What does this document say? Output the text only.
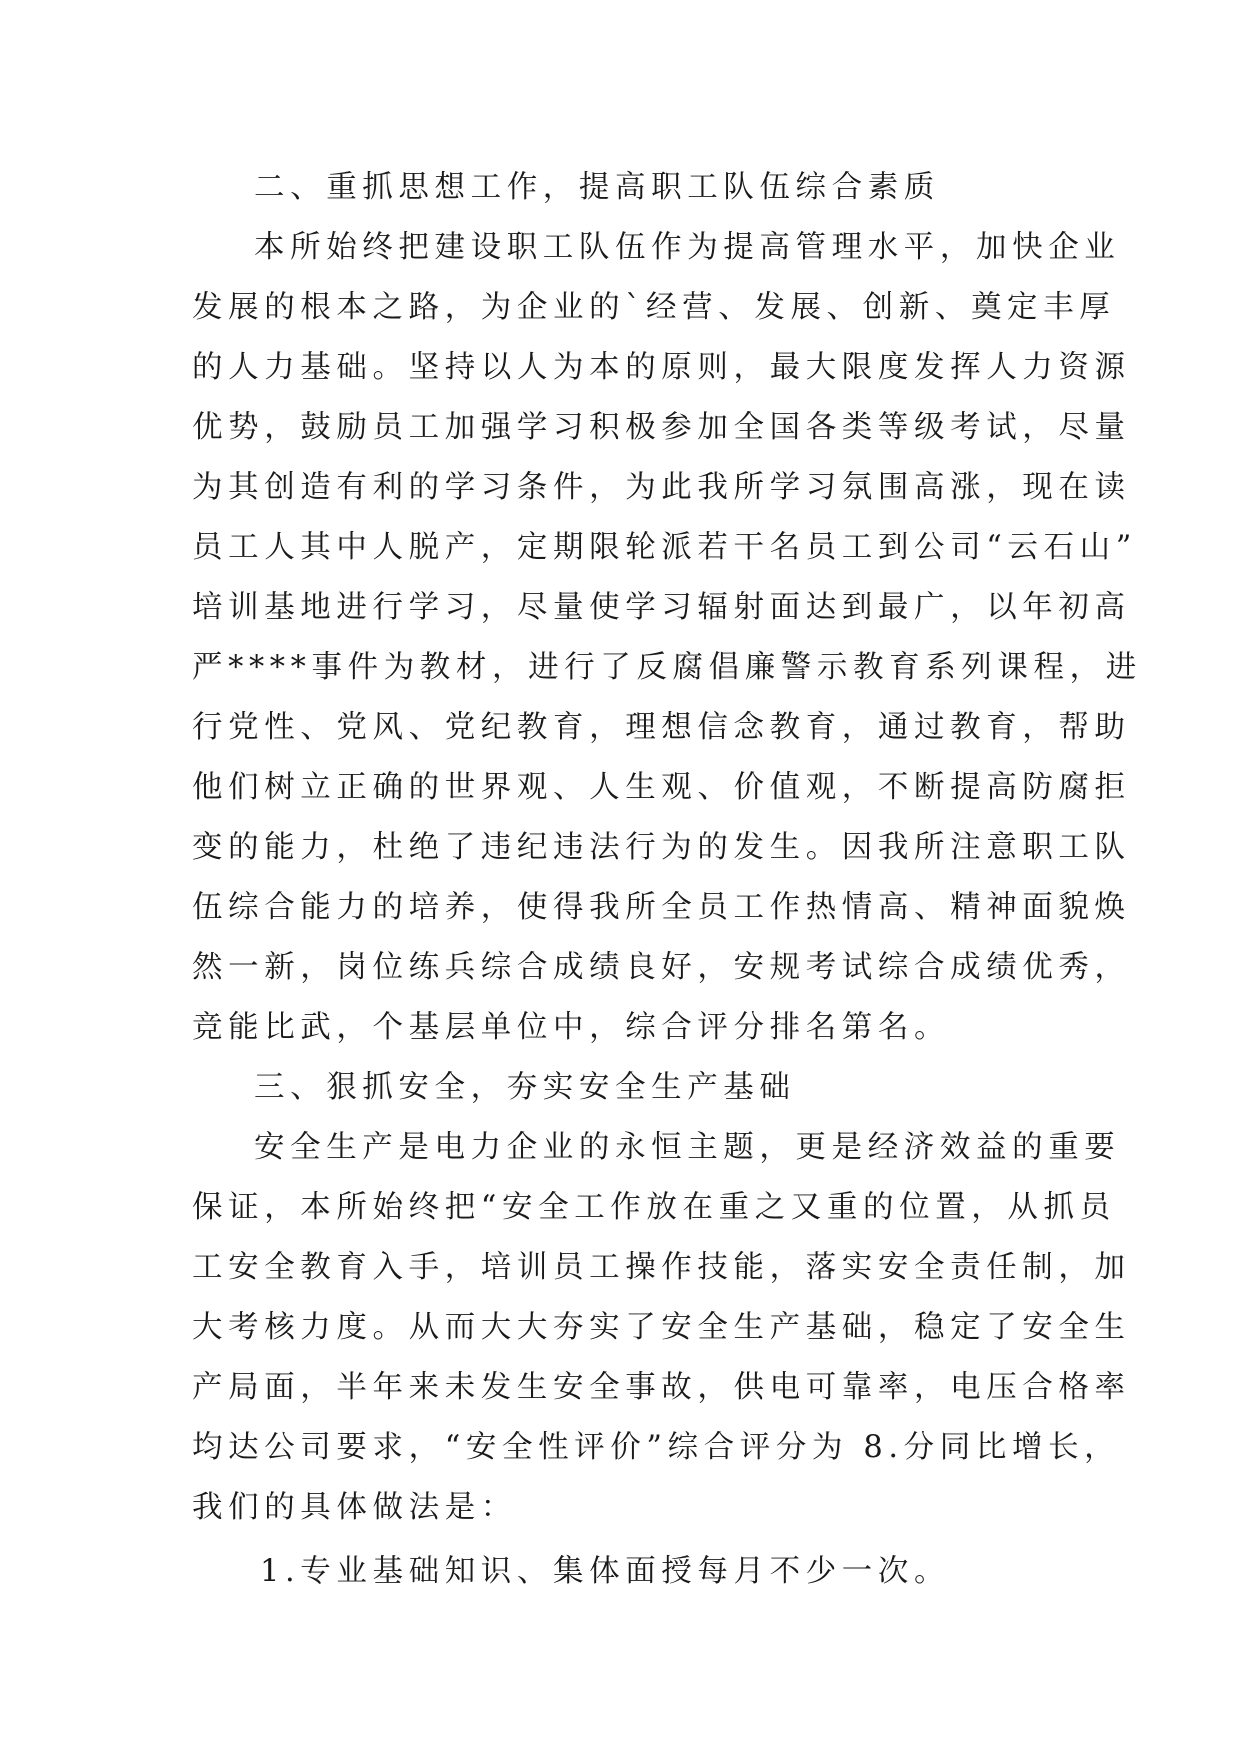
二、重抓思想工作，提高职工队伍综合素质
本所始终把建设职工队伍作为提高管理水平，加快企业
发展的根本之路，为企业的`经营、发展、创新、奠定丰厚
的人力基础。坚持以人为本的原则，最大限度发挥人力资源
优势，鼓励员工加强学习积极参加全国各类等级考试，尽量
为其创造有利的学习条件，为此我所学习氛围高涨，现在读
员工人其中人脱产，定期限轮派若干名员工到公司“云石山”
培训基地进行学习，尽量使学习辐射面达到最广，以年初高
严****事件为教材，进行了反腐倡廉警示教育系列课程，进
行党性、党风、党纪教育，理想信念教育，通过教育，帮助
他们树立正确的世界观、人生观、价值观，不断提高防腐拒
变的能力，杜绝了违纪违法行为的发生。因我所注意职工队
伍综合能力的培养，使得我所全员工作热情高、精神面貌焕
然一新，岗位练兵综合成绩良好，安规考试综合成绩优秀，
竞能比武，个基层单位中，综合评分排名第名。
三、狠抓安全，夯实安全生产基础
安全生产是电力企业的永恒主题，更是经济效益的重要
保证，本所始终把“安全工作放在重之又重的位置，从抓员
工安全教育入手，培训员工操作技能，落实安全责任制，加
大考核力度。从而大大夯实了安全生产基础，稳定了安全生
产局面，半年来未发生安全事故，供电可靠率，电压合格率
均达公司要求，“安全性评价”综合评分为 8.分同比增长，
我们的具体做法是：
1.专业基础知识、集体面授每月不少一次。
